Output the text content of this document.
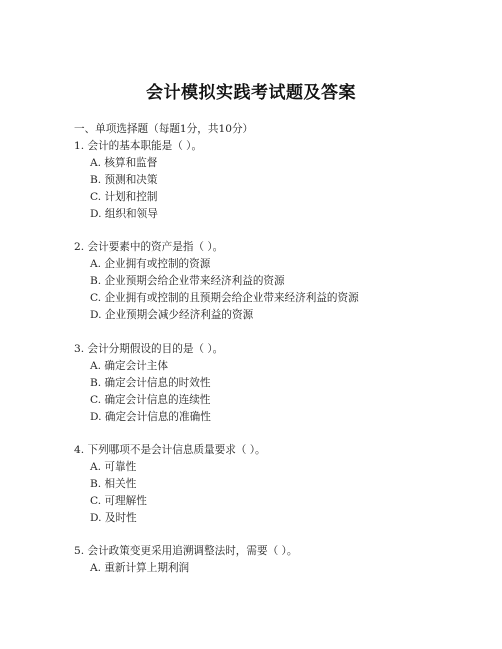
会计模拟实践考试题及答案
一、单项选择题（每题1分，共10分）
1. 会计的基本职能是（ ）。
A. 核算和监督
B. 预测和决策
C. 计划和控制
D. 组织和领导
2. 会计要素中的资产是指（ ）。
A. 企业拥有或控制的资源
B. 企业预期会给企业带来经济利益的资源
C. 企业拥有或控制的且预期会给企业带来经济利益的资源
D. 企业预期会减少经济利益的资源
3. 会计分期假设的目的是（ ）。
A. 确定会计主体
B. 确定会计信息的时效性
C. 确定会计信息的连续性
D. 确定会计信息的准确性
4. 下列哪项不是会计信息质量要求（ ）。
A. 可靠性
B. 相关性
C. 可理解性
D. 及时性
5. 会计政策变更采用追溯调整法时，需要（ ）。
A. 重新计算上期利润
